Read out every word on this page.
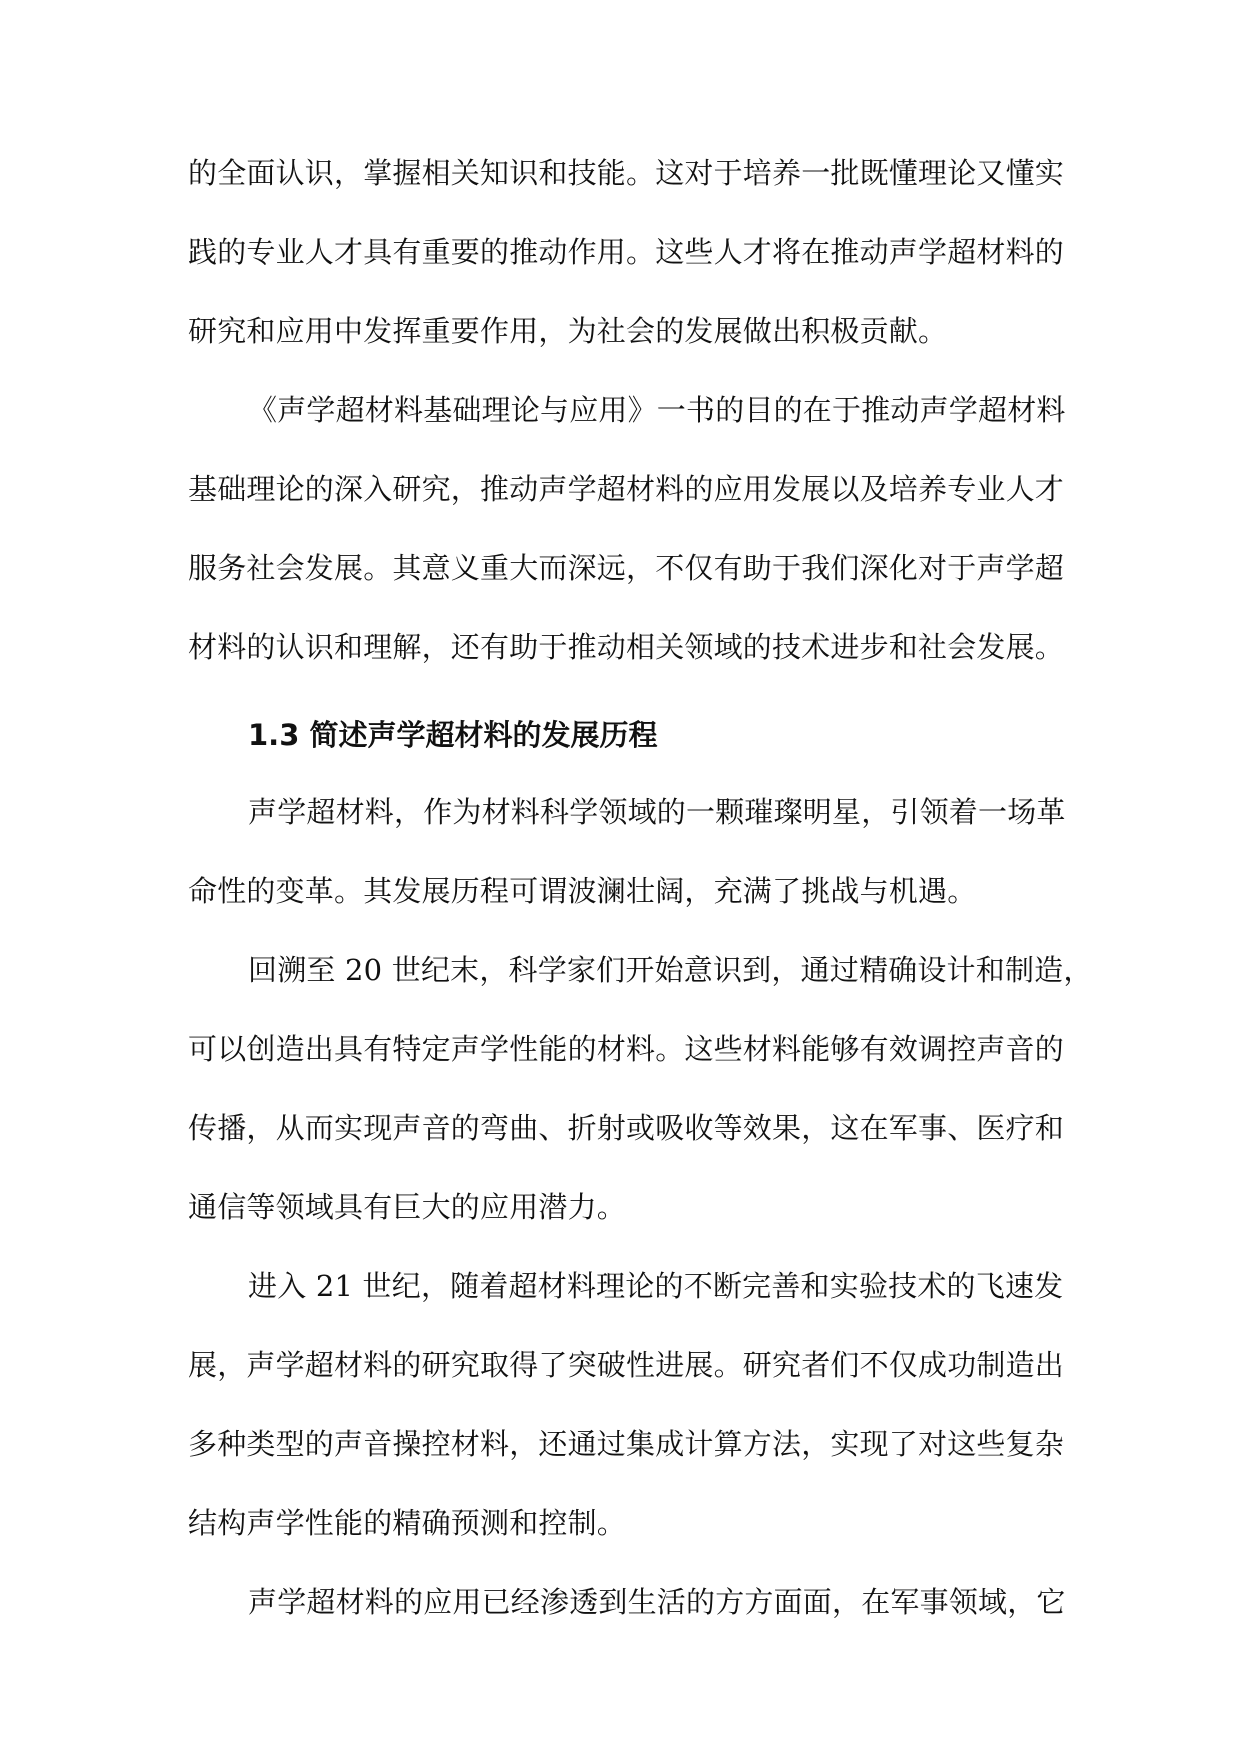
的全面认识，掌握相关知识和技能。这对于培养一批既懂理论又懂实
践的专业人才具有重要的推动作用。这些人才将在推动声学超材料的
研究和应用中发挥重要作用，为社会的发展做出积极贡献。
《声学超材料基础理论与应用》一书的目的在于推动声学超材料
基础理论的深入研究，推动声学超材料的应用发展以及培养专业人才
服务社会发展。其意义重大而深远，不仅有助于我们深化对于声学超
材料的认识和理解，还有助于推动相关领域的技术进步和社会发展。
1.3 简述声学超材料的发展历程
声学超材料，作为材料科学领域的一颗璀璨明星，引领着一场革
命性的变革。其发展历程可谓波澜壮阔，充满了挑战与机遇。
回溯至 20 世纪末，科学家们开始意识到，通过精确设计和制造，
可以创造出具有特定声学性能的材料。这些材料能够有效调控声音的
传播，从而实现声音的弯曲、折射或吸收等效果，这在军事、医疗和
通信等领域具有巨大的应用潜力。
进入 21 世纪，随着超材料理论的不断完善和实验技术的飞速发
展，声学超材料的研究取得了突破性进展。研究者们不仅成功制造出
多种类型的声音操控材料，还通过集成计算方法，实现了对这些复杂
结构声学性能的精确预测和控制。
声学超材料的应用已经渗透到生活的方方面面，在军事领域，它
